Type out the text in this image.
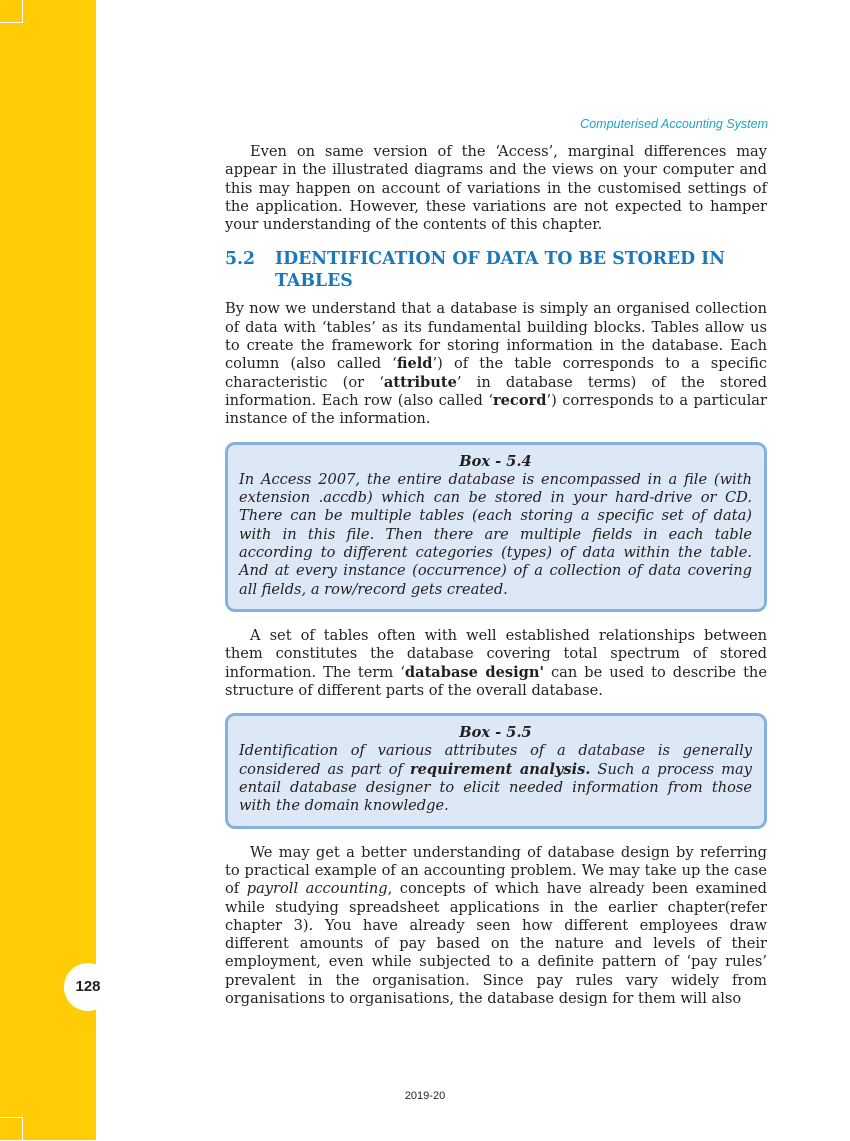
128
Computerised Accounting System

Even on same version of the ‘Access’, marginal differences may appear in the illustrated diagrams and the views on your computer and this may happen on account of variations in the customised settings of the application. However, these variations are not expected to hamper your understanding of the contents of this chapter.

5.2	IDENTIFICATION OF DATA TO BE STORED IN TABLES

By now we understand that a database is simply an organised collection of data with ‘tables’ as its fundamental building blocks. Tables allow us to create the framework for storing information in the database. Each column (also called ‘field’) of the table corresponds to a specific characteristic (or ‘attribute’ in database terms) of the stored information. Each row (also called ‘record’) corresponds to a particular instance of the information.

Box - 5.4
In Access 2007, the entire database is encompassed in a file (with extension .accdb) which can be stored in your hard-drive or CD. There can be multiple tables (each storing a specific set of data) with in this file. Then there are multiple fields in each table according to different categories (types) of data within the table. And at every instance (occurrence) of a collection of data covering all fields, a row/record gets created.

A set of tables often with well established relationships between them constitutes the database covering total spectrum of stored information. The term ‘database design' can be used to describe the structure of different parts of the overall database.

Box - 5.5
Identification of various attributes of a database is generally considered as part of requirement analysis. Such a process may entail database designer to elicit needed information from those with the domain knowledge.

We may get a better understanding of database design by referring to practical example of an accounting problem. We may take up the case of payroll accounting, concepts of which have already been examined while studying spreadsheet applications in the earlier chapter(refer chapter 3). You have already seen how different employees draw different amounts of pay based on the nature and levels of their employment, even while subjected to a definite pattern of ‘pay rules’ prevalent in the organisation. Since pay rules vary widely from organisations to organisations, the database design for them will also

2019-20
